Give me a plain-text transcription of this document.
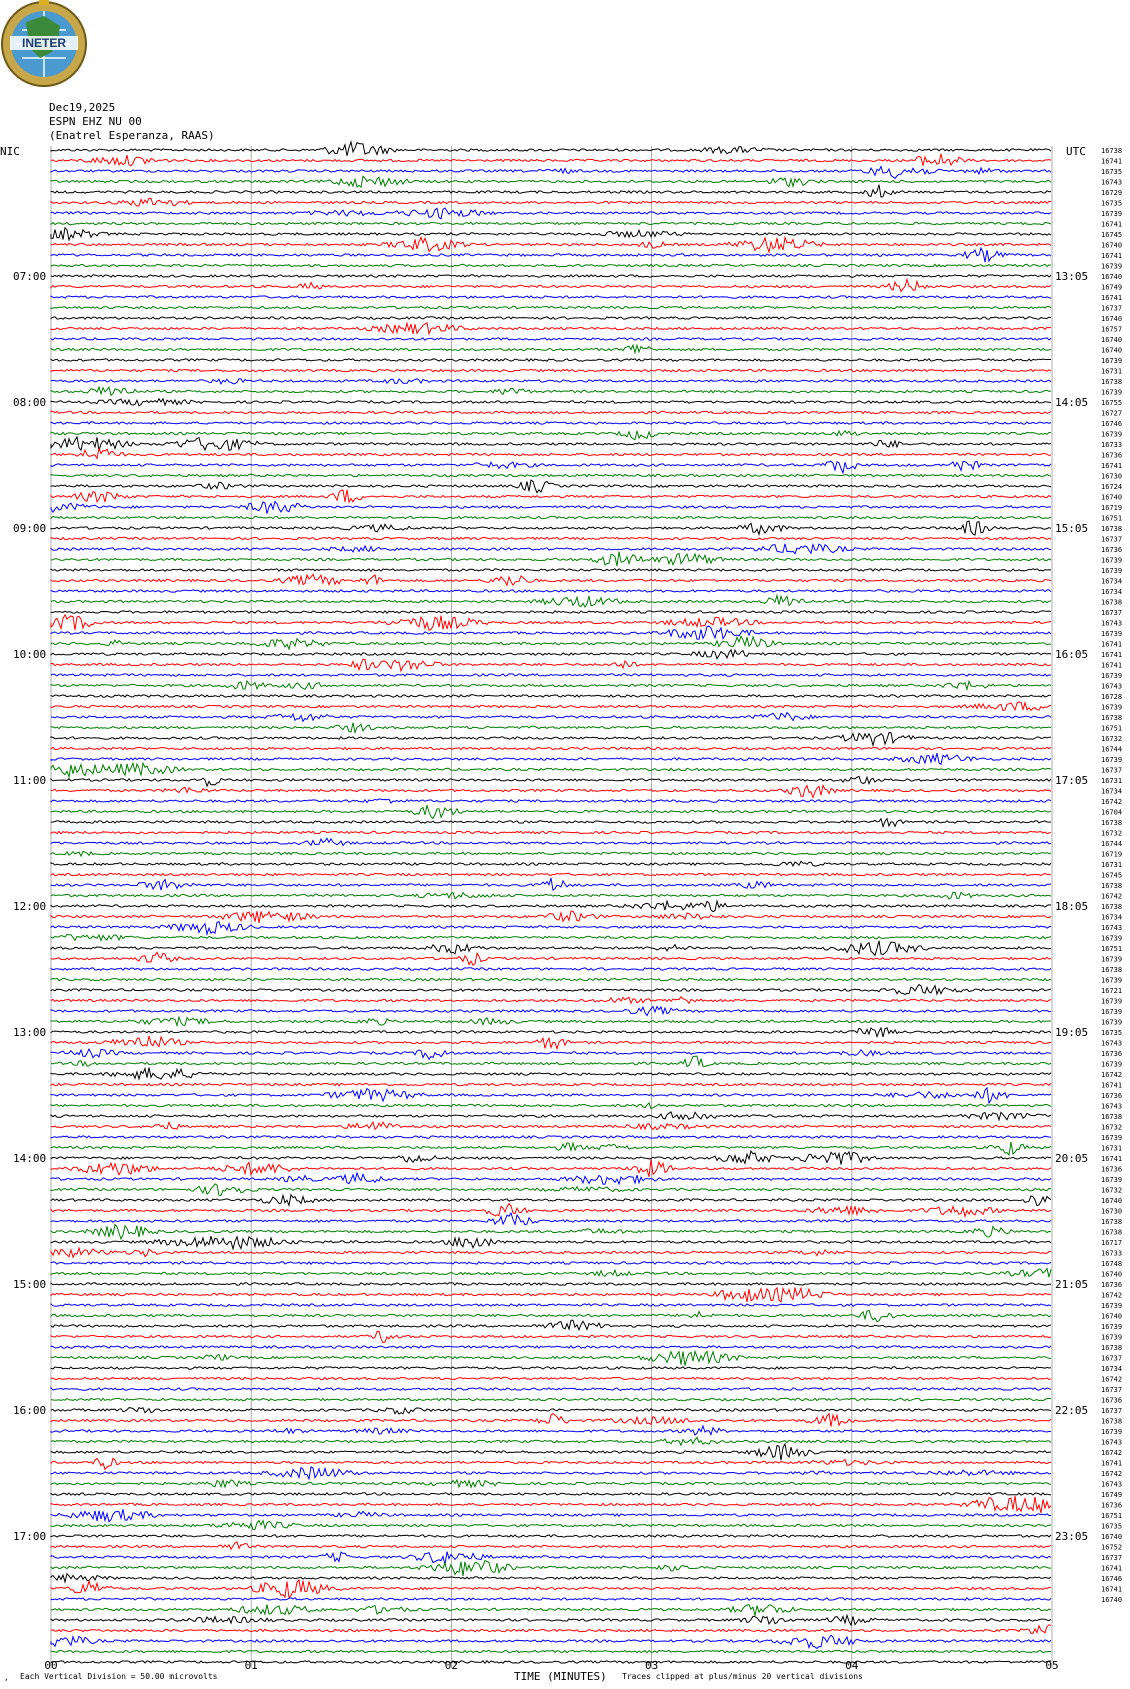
INETER
Dec19,2025
ESPN EHZ NU 00
(Enatrel Esperanza, RAAS)
NIC	UTC
07:00
08:00
09:00
10:00
11:00
12:00
13:00
14:00
15:00
16:00
17:00
13:05
14:05
15:05
16:05
17:05
18:05
19:05
20:05
21:05
22:05
23:05
16738
16741
16735
16743
16729
16735
16739
16741
16745
16740
16741
16739
16740
16749
16741
16737
16740
16757
16740
16740
16739
16731
16738
16739
16755
16727
16746
16739
16733
16736
16741
16730
16724
16740
16719
16751
16738
16737
16736
16739
16739
16734
16734
16738
16737
16743
16739
16741
16741
16741
16739
16743
16728
16739
16738
16751
16732
16744
16739
16737
16731
16734
16742
16704
16738
16732
16744
16719
16731
16745
16738
16742
16738
16734
16743
16739
16751
16739
16738
16739
16721
16739
16739
16739
16735
16743
16736
16739
16742
16741
16736
16743
16738
16732
16739
16731
16741
16736
16739
16732
16740
16730
16738
16738
16717
16733
16748
16740
16736
16742
16739
16740
16739
16739
16738
16737
16734
16742
16737
16736
16737
16738
16739
16743
16742
16741
16742
16743
16749
16736
16751
16735
16740
16752
16737
16741
16746
16741
16740
00	01	02	03	04	05
, Each Vertical Division = 50.00 microvolts	TIME (MINUTES) Traces clipped at plus/minus 20 vertical divisions
